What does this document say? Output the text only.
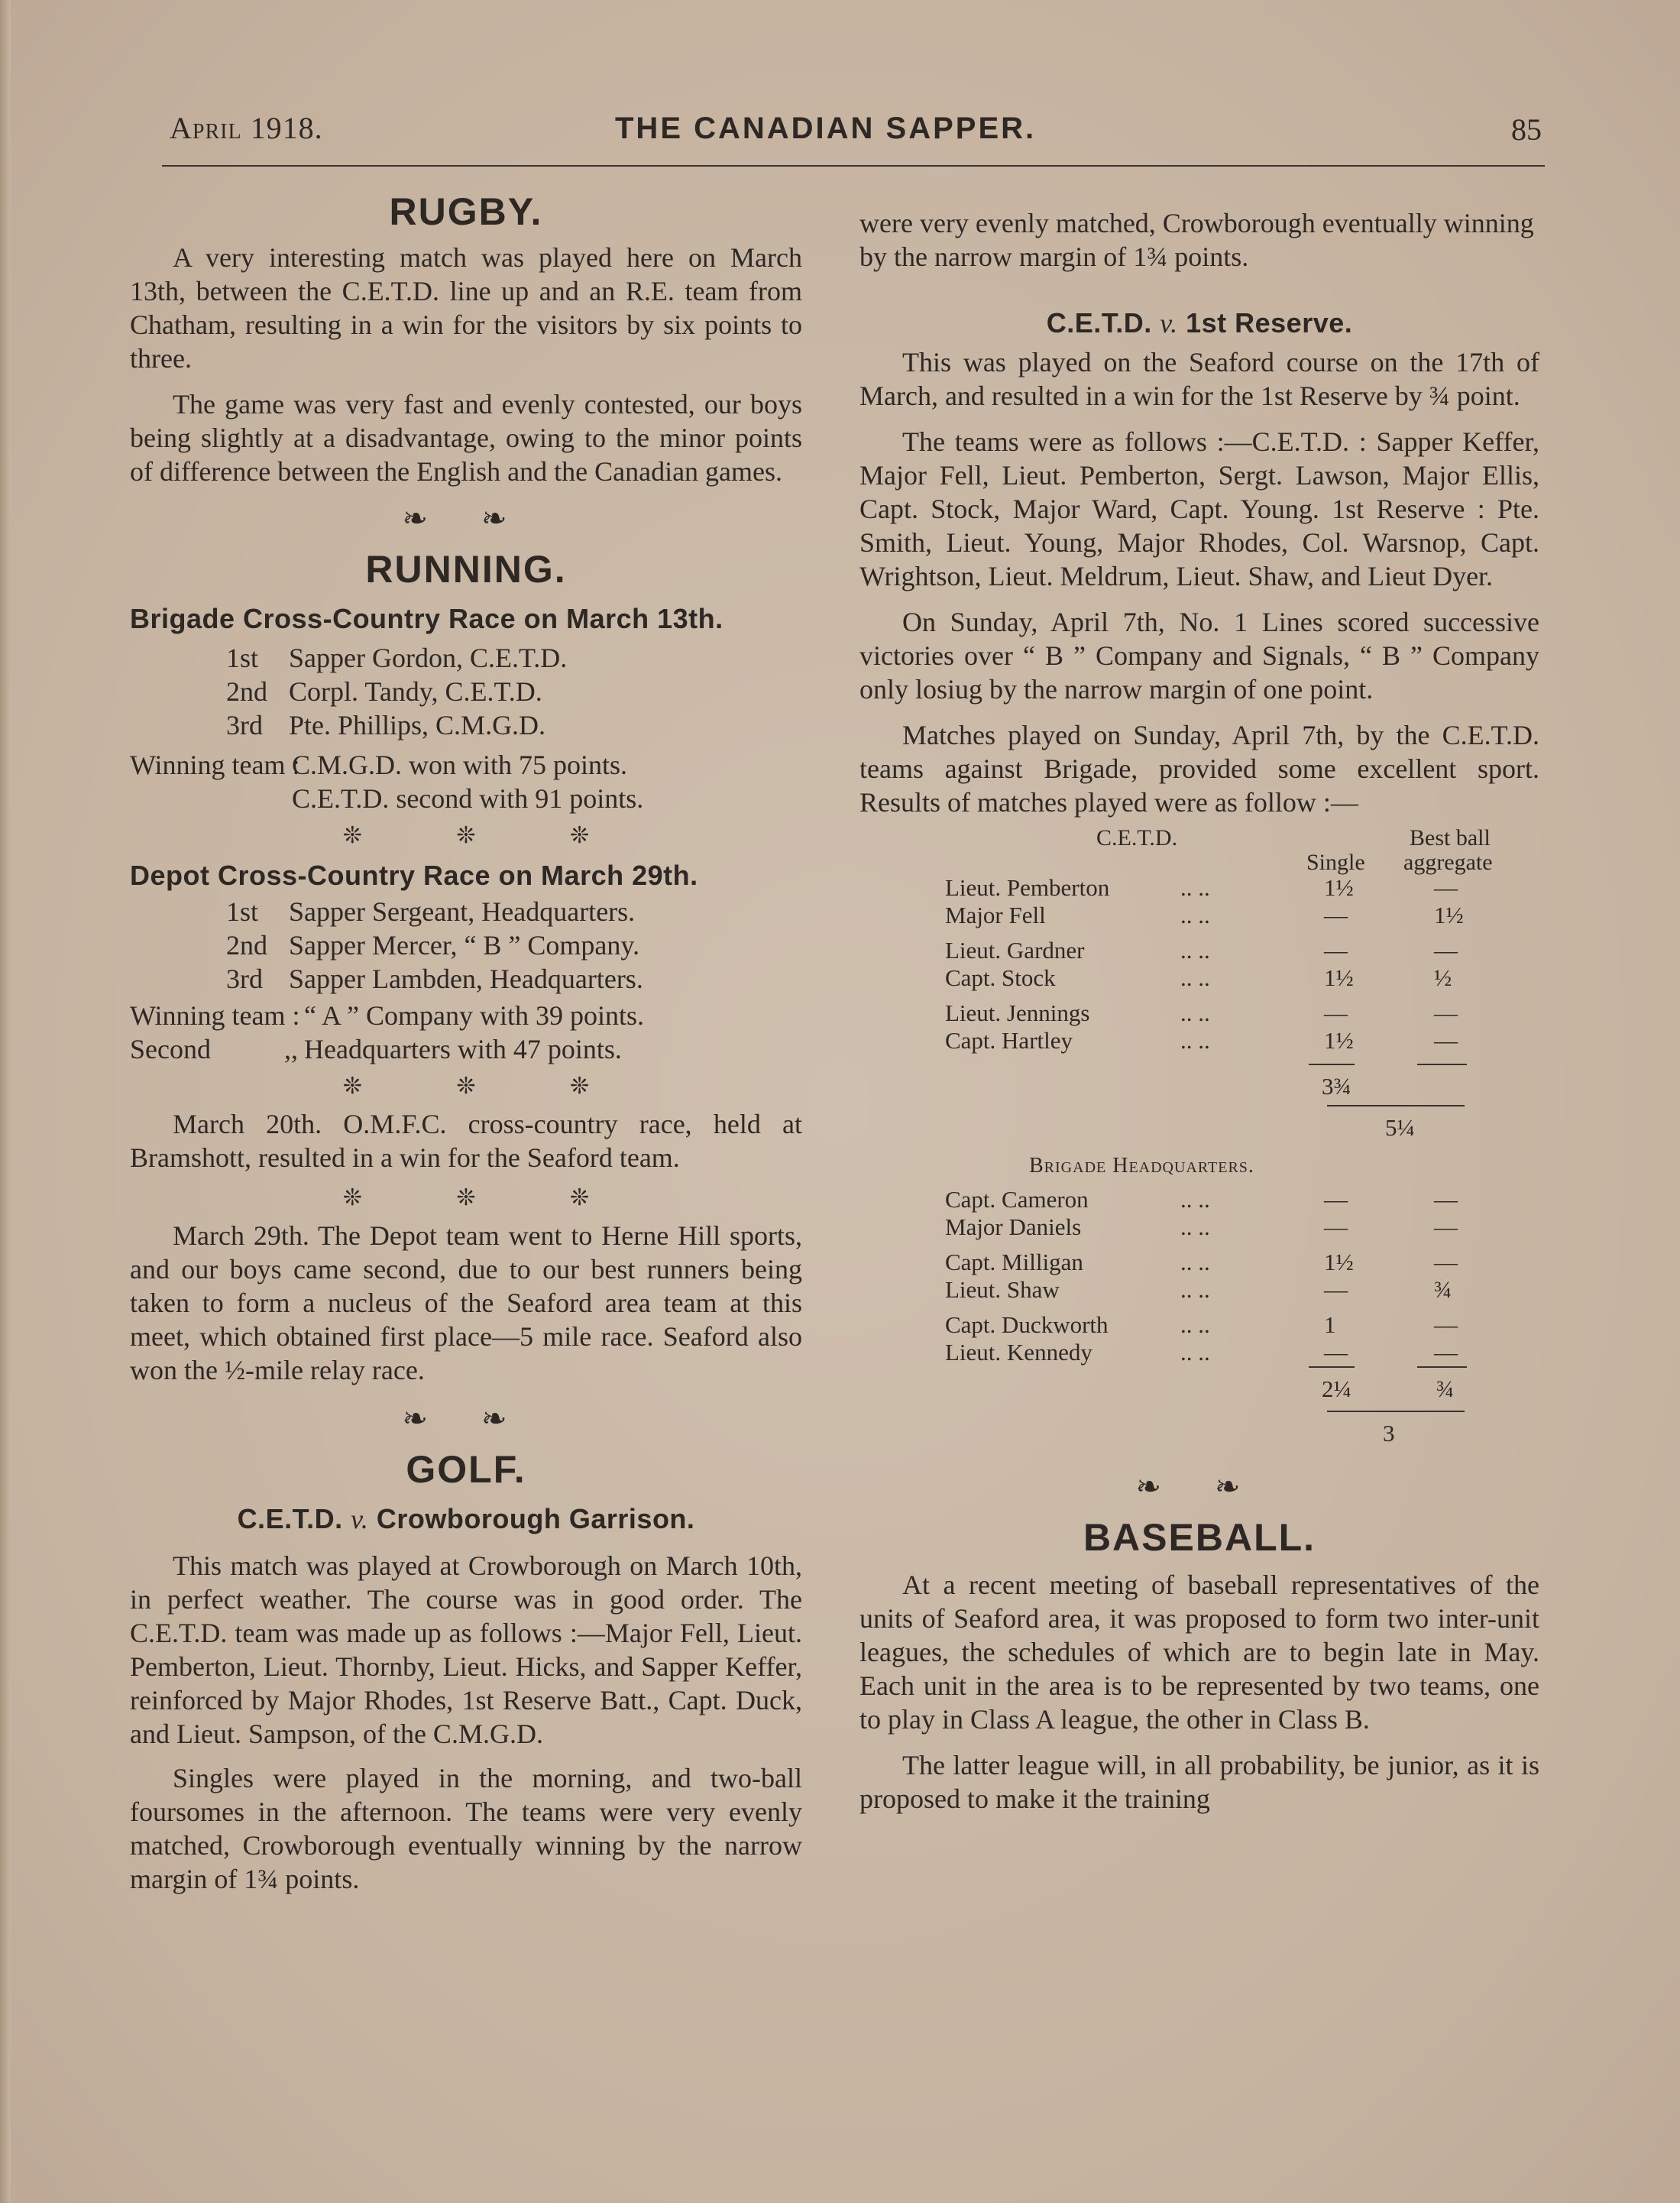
April 1918.	THE CANADIAN SAPPER.	85
RUGBY.

A very interesting match was played here on March 13th, between the C.E.T.D. line up and an R.E. team from Chatham, resulting in a win for the visitors by six points to three.

The game was very fast and evenly contested, our boys being slightly at a disadvantage, owing to the minor points of difference between the English and the Canadian games.

❧ ❧
RUNNING.
Brigade Cross-Country Race on March 13th.
1st	Sapper Gordon, C.E.T.D.
2nd Corpl. Tandy, C.E.T.D.
3rd Pte. Phillips, C.M.G.D.
Winning team :
C.M.G.D. won with 75 points.
C.E.T.D. second with 91 points.
❊ ❊ ❊
Depot Cross-Country Race on March 29th.
1st	Sapper Sergeant, Headquarters.
2nd Sapper Mercer, “ B ” Company.
3rd Sapper Lambden, Headquarters.
Winning team : “ A ” Company with 39 points.
Second	,, Headquarters with 47 points.
❊ ❊ ❊

March 20th. O.M.F.C. cross-country race, held at Bramshott, resulted in a win for the Seaford team.

❊ ❊ ❊

March 29th. The Depot team went to Herne Hill sports, and our boys came second, due to our best runners being taken to form a nucleus of the Seaford area team at this meet, which obtained first place—5 mile race. Seaford also won the ½-mile relay race.

❧ ❧
GOLF.
C.E.T.D. v. Crowborough Garrison.

This match was played at Crowborough on March 10th, in perfect weather. The course was in good order. The C.E.T.D. team was made up as follows :—Major Fell, Lieut. Pemberton, Lieut. Thornby, Lieut. Hicks, and Sapper Keffer, reinforced by Major Rhodes, 1st Reserve Batt., Capt. Duck, and Lieut. Sampson, of the C.M.G.D.

Singles were played in the morning, and two-ball foursomes in the afternoon. The teams were very evenly matched, Crowborough eventually winning by the narrow margin of 1¾ points.

were very evenly matched, Crowborough eventually winning by the narrow margin of 1¾ points.
C.E.T.D. v. 1st Reserve.

This was played on the Seaford course on the 17th of March, and resulted in a win for the 1st Reserve by ¾ point.

The teams were as follows :—C.E.T.D. : Sapper Keffer, Major Fell, Lieut. Pemberton, Sergt. Lawson, Major Ellis, Capt. Stock, Major Ward, Capt. Young. 1st Reserve : Pte. Smith, Lieut. Young, Major Rhodes, Col. Warsnop, Capt. Wrightson, Lieut. Meldrum, Lieut. Shaw, and Lieut Dyer.

On Sunday, April 7th, No. 1 Lines scored successive victories over “ B ” Company and Signals, “ B ” Company only losiug by the narrow margin of one point.

Matches played on Sunday, April 7th, by the C.E.T.D. teams against Brigade, provided some excellent sport. Results of matches played were as follow :—

C.E.T.D.	Best ball
Single aggregate
Lieut. Pemberton	.. ..	1½	—
Major Fell	.. ..	—	1½
Lieut. Gardner	.. ..	—	—
Capt. Stock	.. ..	1½	½
Lieut. Jennings	.. ..	—	—
Capt. Hartley	.. ..	1½	—
3¾
5¼
Brigade Headquarters.
Capt. Cameron	.. ..	—	—
Major Daniels	.. ..	—	—
Capt. Milligan	.. ..	1½	—
Lieut. Shaw	.. ..	—	¾
Capt. Duckworth	.. ..	1	—
Lieut. Kennedy	.. ..	—	—
2¼	¾
3
❧ ❧
BASEBALL.

At a recent meeting of baseball representatives of the units of Seaford area, it was proposed to form two inter-unit leagues, the schedules of which are to begin late in May. Each unit in the area is to be represented by two teams, one to play in Class A league, the other in Class B.

The latter league will, in all probability, be junior, as it is proposed to make it the training
